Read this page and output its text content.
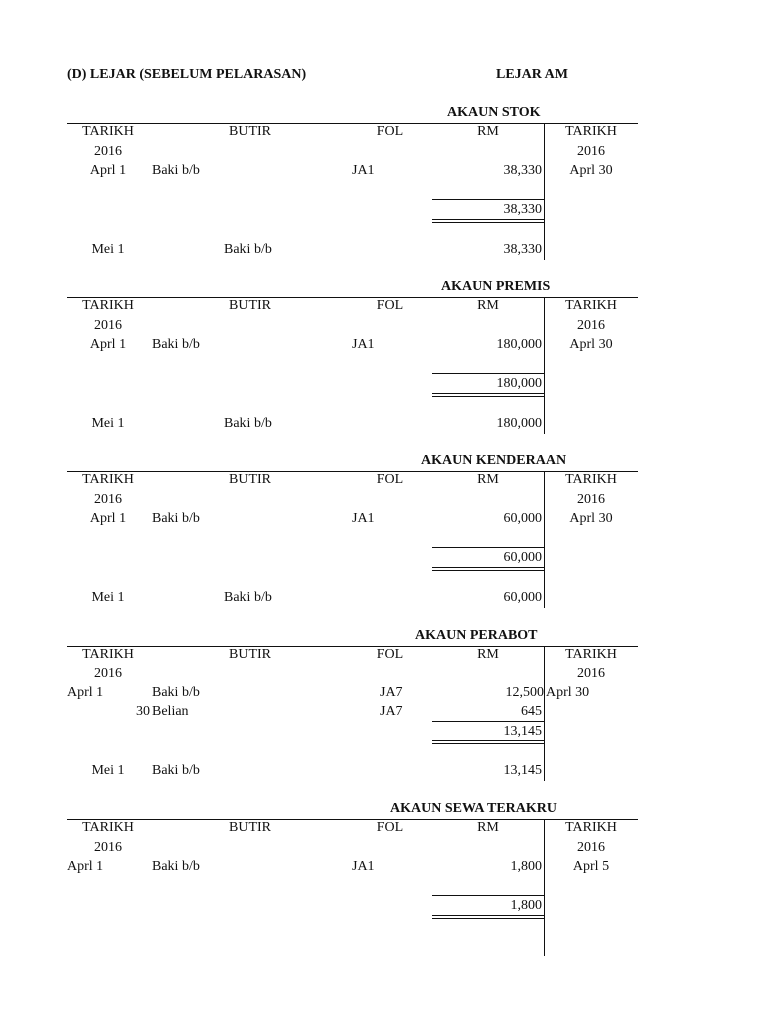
(D) LEJAR (SEBELUM PELARASAN)	LEJAR AM
AKAUN STOK
TARIKH	BUTIR	FOL	RM	TARIKH
2016	2016
Aprl 1	Baki b/b	JA1	38,330	Aprl 30
38,330
Mei 1	Baki b/b	38,330
AKAUN PREMIS
TARIKH	BUTIR	FOL	RM	TARIKH
2016	2016
Aprl 1	Baki b/b	JA1	180,000	Aprl 30
180,000
Mei 1	Baki b/b	180,000
AKAUN KENDERAAN
TARIKH	BUTIR	FOL	RM	TARIKH
2016	2016
Aprl 1	Baki b/b	JA1	60,000	Aprl 30
60,000
Mei 1	Baki b/b	60,000
AKAUN PERABOT
TARIKH	BUTIR	FOL	RM	TARIKH
2016	2016
Aprl 1	Baki b/b	JA7	12,500 Aprl 30
30 Belian	JA7	645
13,145
Mei 1	Baki b/b	13,145
AKAUN SEWA TERAKRU
TARIKH	BUTIR	FOL	RM	TARIKH
2016	2016
Aprl 1	Baki b/b	JA1	1,800	Aprl 5
1,800
